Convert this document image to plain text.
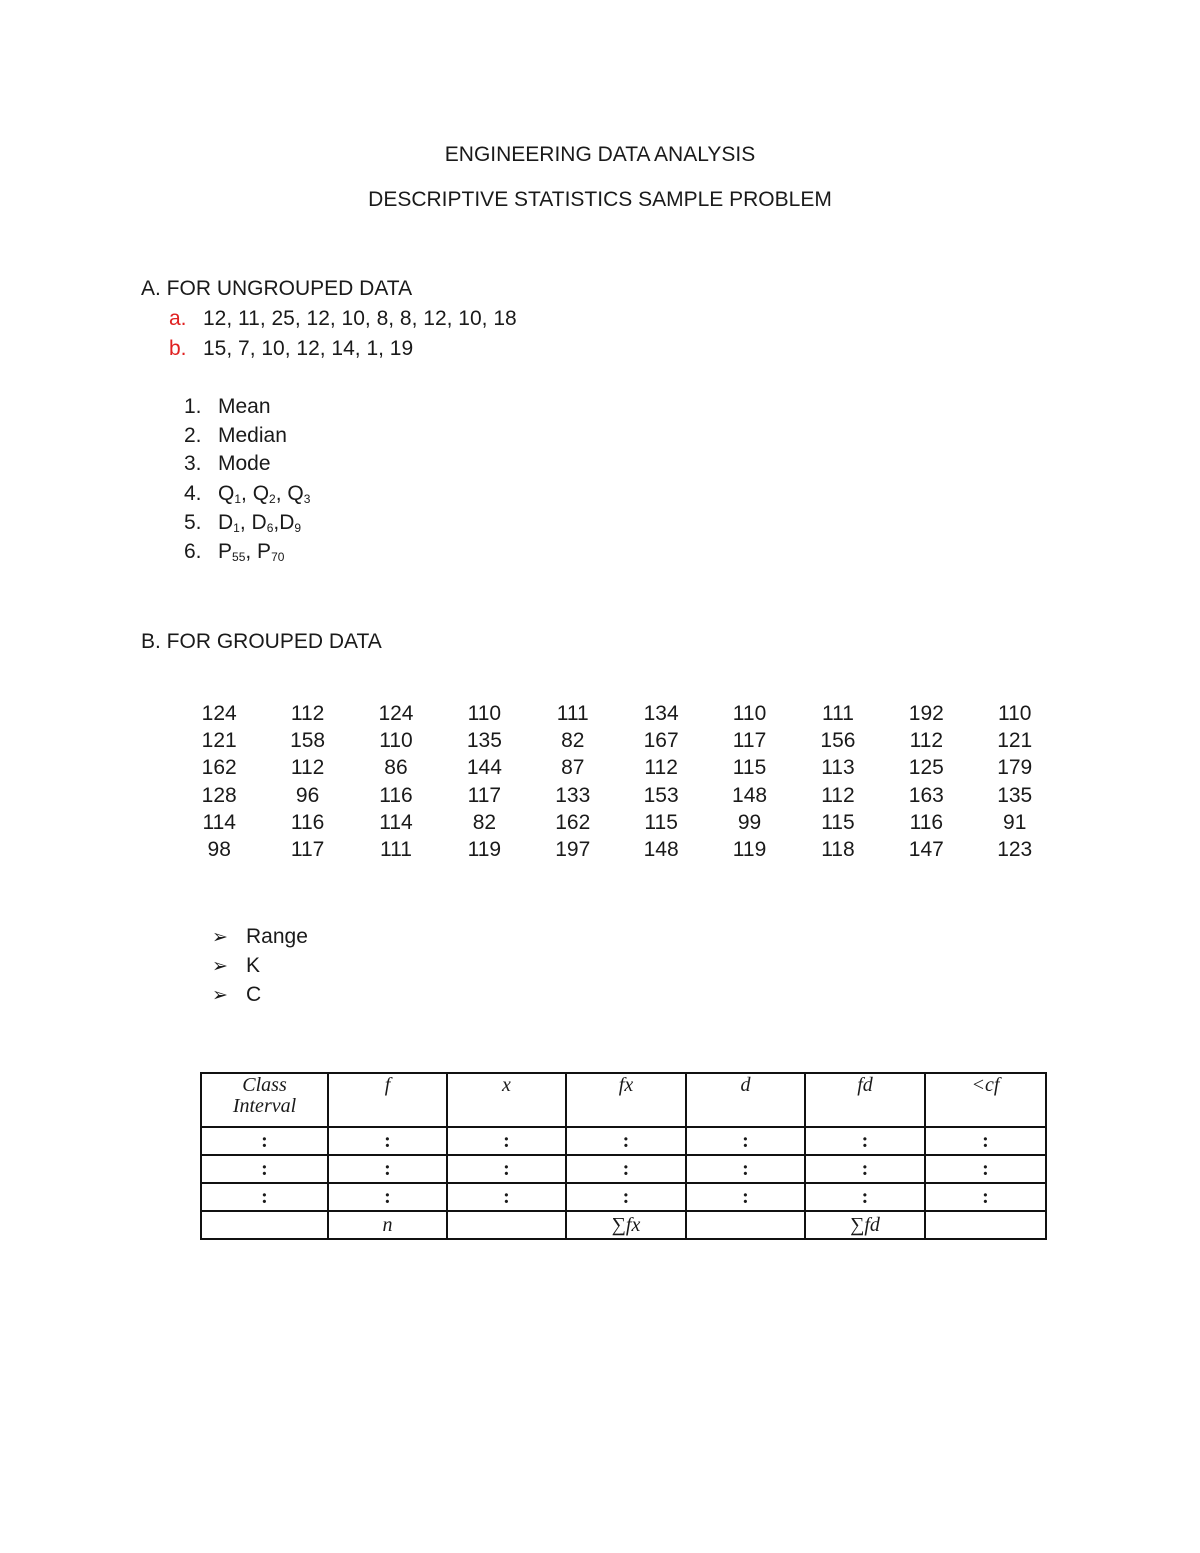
ENGINEERING DATA ANALYSIS
DESCRIPTIVE STATISTICS SAMPLE PROBLEM
A. FOR UNGROUPED DATA
a. 12, 11, 25, 12, 10, 8, 8, 12, 10, 18
b. 15, 7, 10, 12, 14, 1, 19
1. Mean
2. Median
3. Mode
4. $Q_1$, $Q_2$, $Q_3$
5. $D_1$, $D_6,D_9$
6. $P_{55}$, $P_{70}$
B. FOR GROUPED DATA
124	112	124	110	111	134	110	111	192	110
121	158	110	135	82	167	117	156	112	121
162	112	86	144	87	112	115	113	125	179
128	96	116	117	133	153	148	112	163	135
114	116	114	82	162	115	99	115	116	91
98	117	111	119	197	148	119	118	147	123
➢ Range
➢ K
➢ C
Class
Interval	f	x	fx	d	fd	<cf

:	:	:	:	:	:	:
:	:	:	:	:	:	:
:	:	:	:	:	:	:
	n		∑fx		∑fd	
